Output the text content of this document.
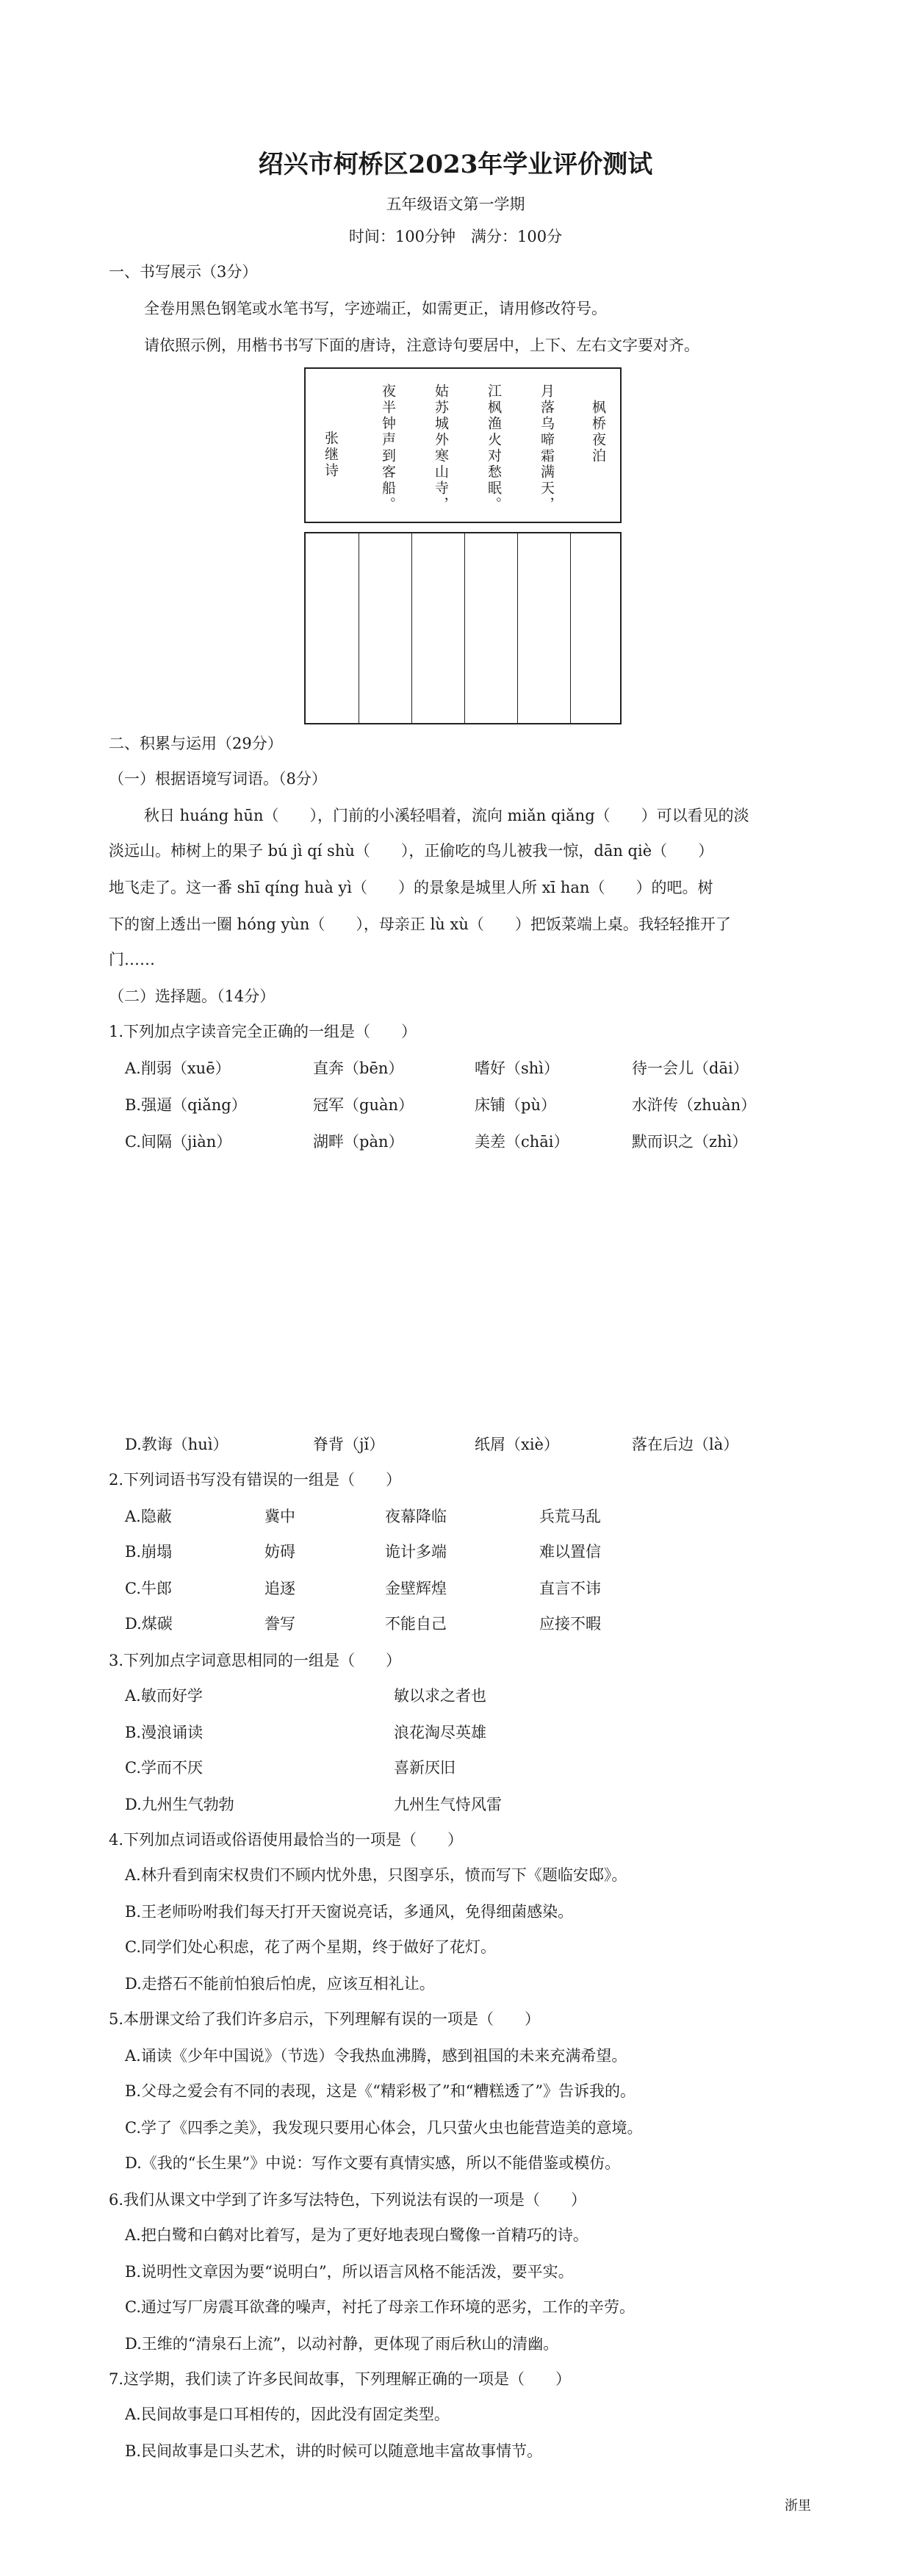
绍兴市柯桥区2023年学业评价测试
五年级语文第一学期
时间：100分钟　满分：100分
一、书写展示（3分）
全卷用黑色钢笔或水笔书写，字迹端正，如需更正，请用修改符号。
请依照示例，用楷书书写下面的唐诗，注意诗句要居中，上下、左右文字要对齐。
枫桥夜泊
月落乌啼霜满天，
江枫渔火对愁眠。
姑苏城外寒山寺，
夜半钟声到客船。
张继诗
二、积累与运用（29分）
（一）根据语境写词语。（8分）
秋日 huáng hūn（　　），门前的小溪轻唱着，流向 miǎn qiǎng（　　）可以看见的淡
淡远山。柿树上的果子 bú jì qí shù（　　），正偷吃的鸟儿被我一惊，dān qiè（　　）
地飞走了。这一番 shī qíng huà yì（　　）的景象是城里人所 xī han（　　）的吧。树
下的窗上透出一圈 hóng yùn（　　），母亲正 lù xù（　　）把饭菜端上桌。我轻轻推开了
门……
（二）选择题。（14分）
1.下列加点字读音完全正确的一组是（　　）
A.削弱（xuē）	直奔（bēn）	嗜好（shì）	待一会儿（dāi）
B.强逼（qiǎng）	冠军（guàn）	床铺（pù）	水浒传（zhuàn）
C.间隔（jiàn）	湖畔（pàn）	美差（chāi）	默而识之（zhì）
D.教诲（huì）	脊背（jǐ）	纸屑（xiè）	落在后边（là）
2.下列词语书写没有错误的一组是（　　）
A.隐蔽	冀中	夜幕降临	兵荒马乱
B.崩塌	妨碍	诡计多端	难以置信
C.牛郎	追逐	金壁辉煌	直言不讳
D.煤碳	誊写	不能自己	应接不暇
3.下列加点字词意思相同的一组是（　　）
A.敏而好学	敏以求之者也
B.漫浪诵读	浪花淘尽英雄
C.学而不厌	喜新厌旧
D.九州生气勃勃	九州生气恃风雷
4.下列加点词语或俗语使用最恰当的一项是（　　）
A.林升看到南宋权贵们不顾内忧外患，只图享乐，愤而写下《题临安邸》。
B.王老师吩咐我们每天打开天窗说亮话，多通风，免得细菌感染。
C.同学们处心积虑，花了两个星期，终于做好了花灯。
D.走搭石不能前怕狼后怕虎，应该互相礼让。
5.本册课文给了我们许多启示，下列理解有误的一项是（　　）
A.诵读《少年中国说》（节选）令我热血沸腾，感到祖国的未来充满希望。
B.父母之爱会有不同的表现，这是《“精彩极了”和“糟糕透了”》告诉我的。
C.学了《四季之美》，我发现只要用心体会，几只萤火虫也能营造美的意境。
D.《我的“长生果”》中说：写作文要有真情实感，所以不能借鉴或模仿。
6.我们从课文中学到了许多写法特色，下列说法有误的一项是（　　）
A.把白鹭和白鹤对比着写，是为了更好地表现白鹭像一首精巧的诗。
B.说明性文章因为要“说明白”，所以语言风格不能活泼，要平实。
C.通过写厂房震耳欲聋的噪声，衬托了母亲工作环境的恶劣，工作的辛劳。
D.王维的“清泉石上流”，以动衬静，更体现了雨后秋山的清幽。
7.这学期，我们读了许多民间故事，下列理解正确的一项是（　　）
A.民间故事是口耳相传的，因此没有固定类型。
B.民间故事是口头艺术，讲的时候可以随意地丰富故事情节。
浙里
